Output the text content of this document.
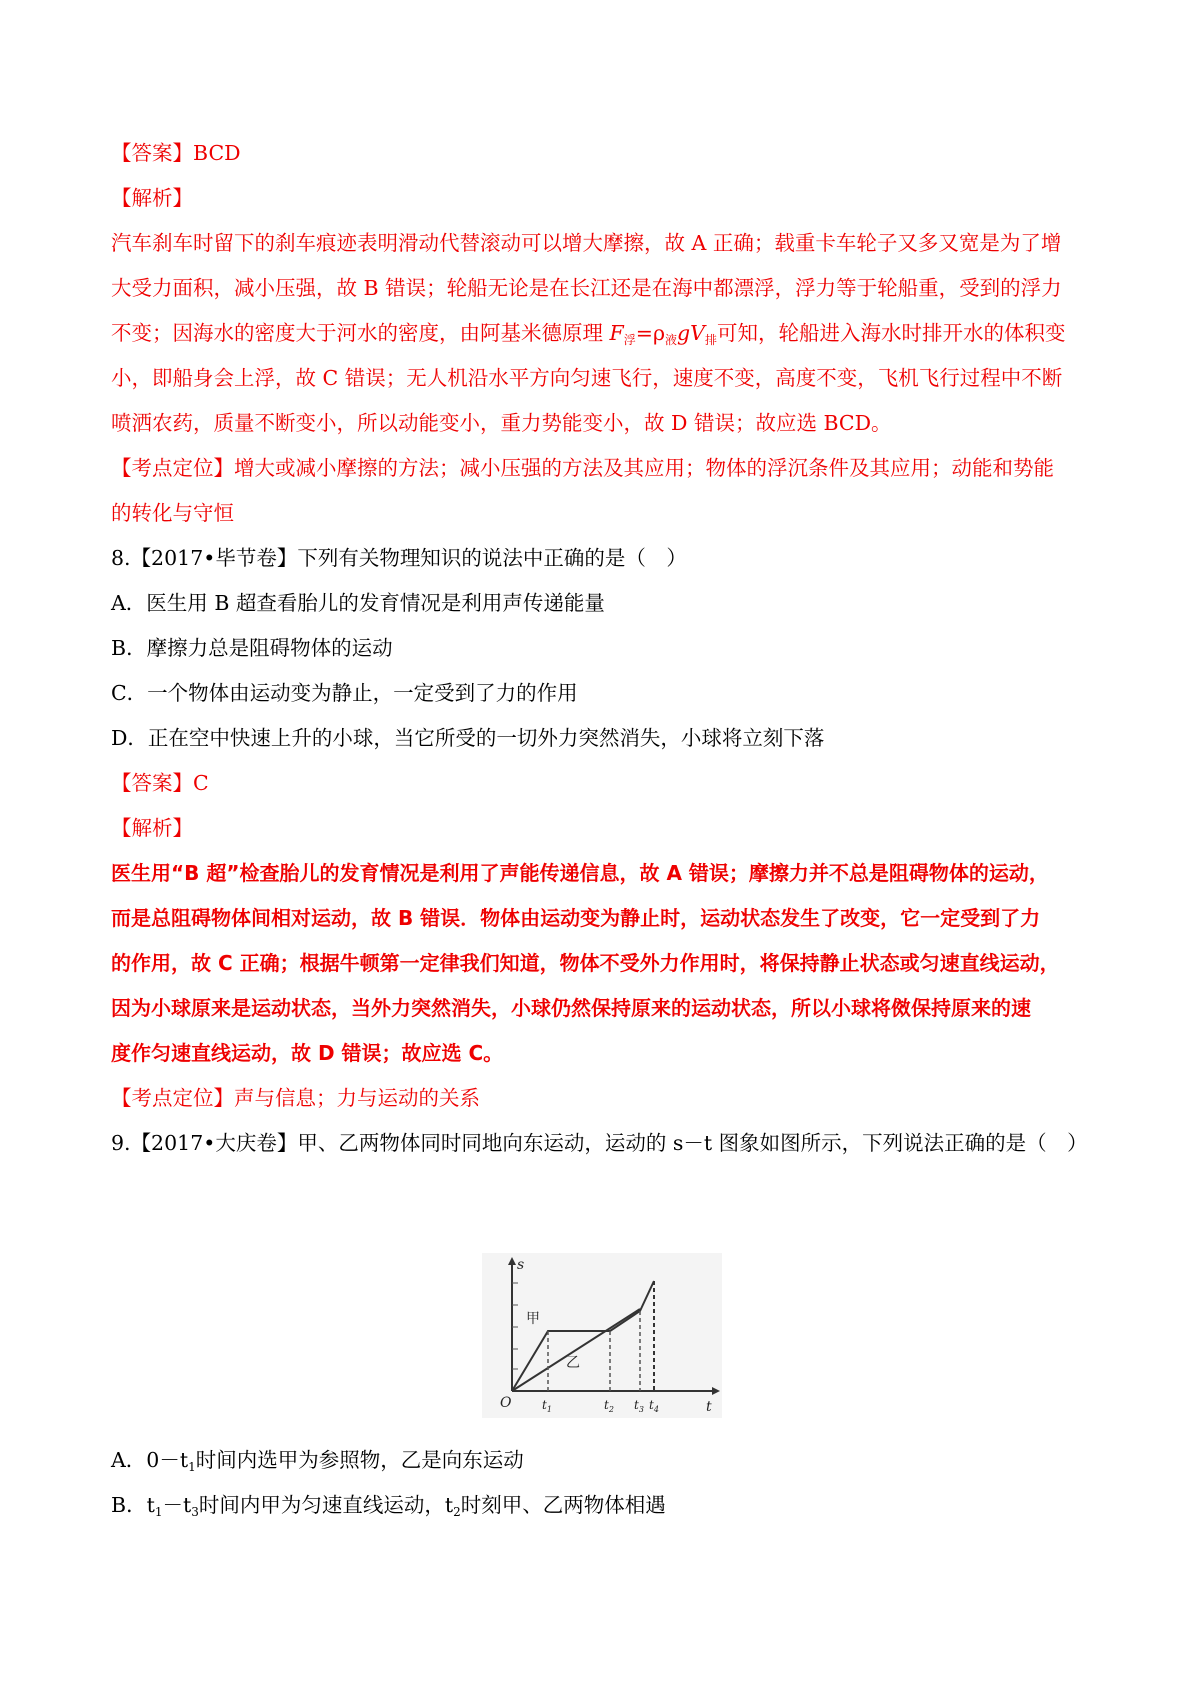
【答案】BCD
【解析】
汽车刹车时留下的刹车痕迹表明滑动代替滚动可以增大摩擦，故 A 正确；载重卡车轮子又多又宽是为了增
大受力面积，减小压强，故 B 错误；轮船无论是在长江还是在海中都漂浮，浮力等于轮船重，受到的浮力
不变；因海水的密度大于河水的密度，由阿基米德原理 $F_浮=\rho_液gV_排$可知，轮船进入海水时排开水的体积变
小，即船身会上浮，故 C 错误；无人机沿水平方向匀速飞行，速度不变，高度不变，飞机飞行过程中不断
喷洒农药，质量不断变小，所以动能变小，重力势能变小，故 D 错误；故应选 BCD。
【考点定位】增大或减小摩擦的方法；减小压强的方法及其应用；物体的浮沉条件及其应用；动能和势能
的转化与守恒
8.【2017•毕节卷】下列有关物理知识的说法中正确的是（　）
A．医生用 B 超查看胎儿的发育情况是利用声传递能量
B．摩擦力总是阻碍物体的运动
C．一个物体由运动变为静止，一定受到了力的作用
D．正在空中快速上升的小球，当它所受的一切外力突然消失，小球将立刻下落
【答案】C
【解析】
医生用“B 超”检查胎儿的发育情况是利用了声能传递信息，故 A 错误；摩擦力并不总是阻碍物体的运动，
而是总阻碍物体间相对运动，故 B 错误．物体由运动变为静止时，运动状态发生了改变，它一定受到了力
的作用，故 C 正确；根据牛顿第一定律我们知道，物体不受外力作用时，将保持静止状态或匀速直线运动，
因为小球原来是运动状态，当外力突然消失，小球仍然保持原来的运动状态，所以小球将傚保持原来的速
度作匀速直线运动，故 D 错误；故应选 C。
【考点定位】声与信息；力与运动的关系
9.【2017•大庆卷】甲、乙两物体同时同地向东运动，运动的 s－t 图象如图所示，下列说法正确的是（　）
s
t
O
甲
乙
$t_1$	$t_2$ $t_3$ $t_4$
A．$0-t_1$时间内选甲为参照物，乙是向东运动
B．$t_1-t_3$时间内甲为匀速直线运动，$t_2$时刻甲、乙两物体相遇
